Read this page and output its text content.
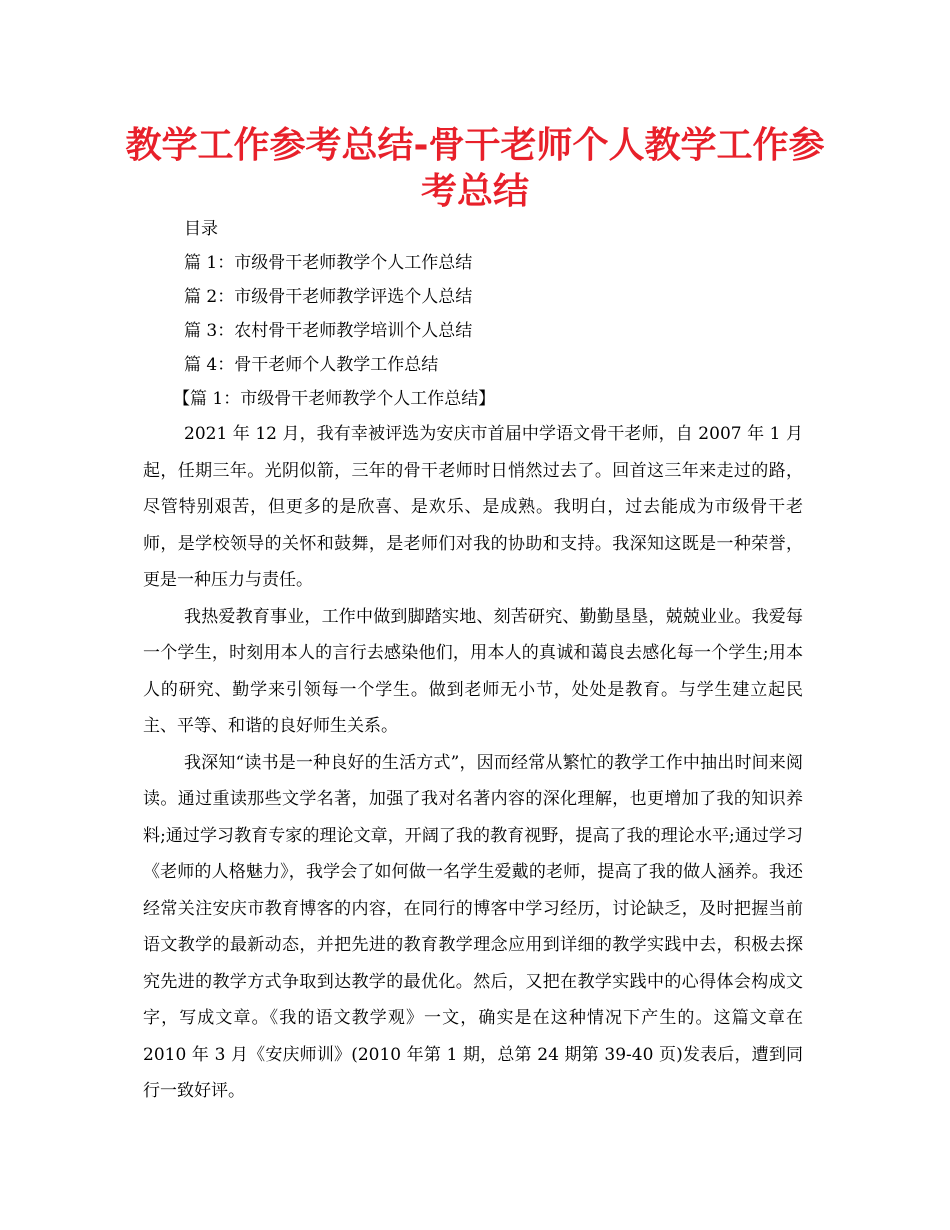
教学工作参考总结-骨干老师个人教学工作参考总结
目录
篇 1：市级骨干老师教学个人工作总结
篇 2：市级骨干老师教学评选个人总结
篇 3：农村骨干老师教学培训个人总结
篇 4：骨干老师个人教学工作总结
【篇 1：市级骨干老师教学个人工作总结】

2021 年 12 月，我有幸被评选为安庆市首届中学语文骨干老师，自 2007 年 1 月起，任期三年。光阴似箭，三年的骨干老师时日悄然过去了。回首这三年来走过的路，尽管特别艰苦，但更多的是欣喜、是欢乐、是成熟。我明白，过去能成为市级骨干老师，是学校领导的关怀和鼓舞，是老师们对我的协助和支持。我深知这既是一种荣誉，更是一种压力与责任。

我热爱教育事业，工作中做到脚踏实地、刻苦研究、勤勤垦垦，兢兢业业。我爱每一个学生，时刻用本人的言行去感染他们，用本人的真诚和蔼良去感化每一个学生;用本人的研究、勤学来引领每一个学生。做到老师无小节，处处是教育。与学生建立起民主、平等、和谐的良好师生关系。

我深知“读书是一种良好的生活方式”，因而经常从繁忙的教学工作中抽出时间来阅读。通过重读那些文学名著，加强了我对名著内容的深化理解，也更增加了我的知识养料;通过学习教育专家的理论文章，开阔了我的教育视野，提高了我的理论水平;通过学习《老师的人格魅力》，我学会了如何做一名学生爱戴的老师，提高了我的做人涵养。我还经常关注安庆市教育博客的内容，在同行的博客中学习经历，讨论缺乏，及时把握当前语文教学的最新动态，并把先进的教育教学理念应用到详细的教学实践中去，积极去探究先进的教学方式争取到达教学的最优化。然后，又把在教学实践中的心得体会构成文字，写成文章。《我的语文教学观》一文，确实是在这种情况下产生的。这篇文章在 2010 年 3 月《安庆师训》(2010 年第 1 期，总第 24 期第 39-40 页)发表后，遭到同行一致好评。
